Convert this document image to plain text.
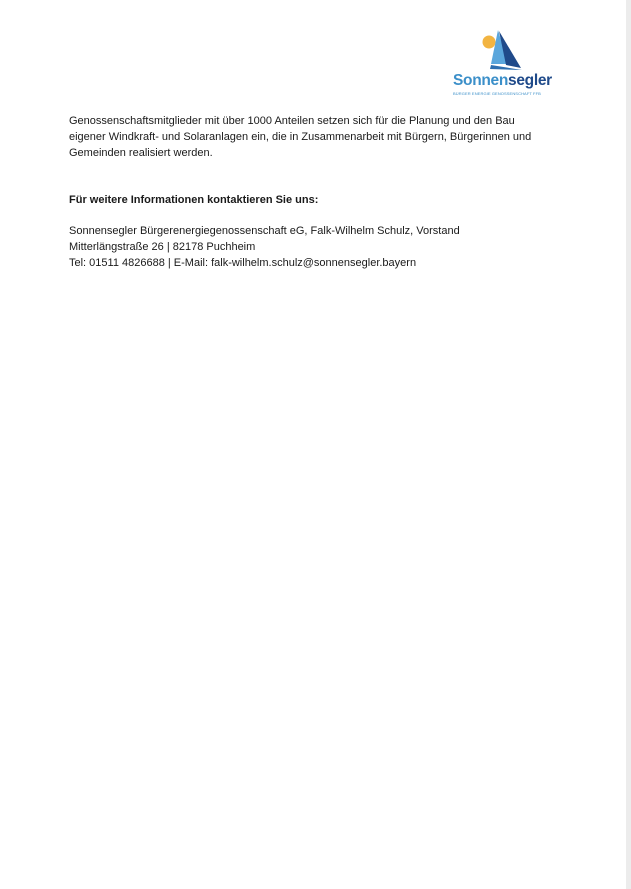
Sonnensegler
BÜRGER ENERGIE GENOSSENSCHAFT FFB
Genossenschaftsmitglieder mit über 1000 Anteilen setzen sich für die Planung und den Bau
eigener Windkraft- und Solaranlagen ein, die in Zusammenarbeit mit Bürgern, Bürgerinnen und
Gemeinden realisiert werden.
Für weitere Informationen kontaktieren Sie uns:
Sonnensegler Bürgerenergiegenossenschaft eG, Falk-Wilhelm Schulz, Vorstand
Mitterlängstraße 26 | 82178 Puchheim
Tel: 01511 4826688 | E-Mail: falk-wilhelm.schulz@sonnensegler.bayern
